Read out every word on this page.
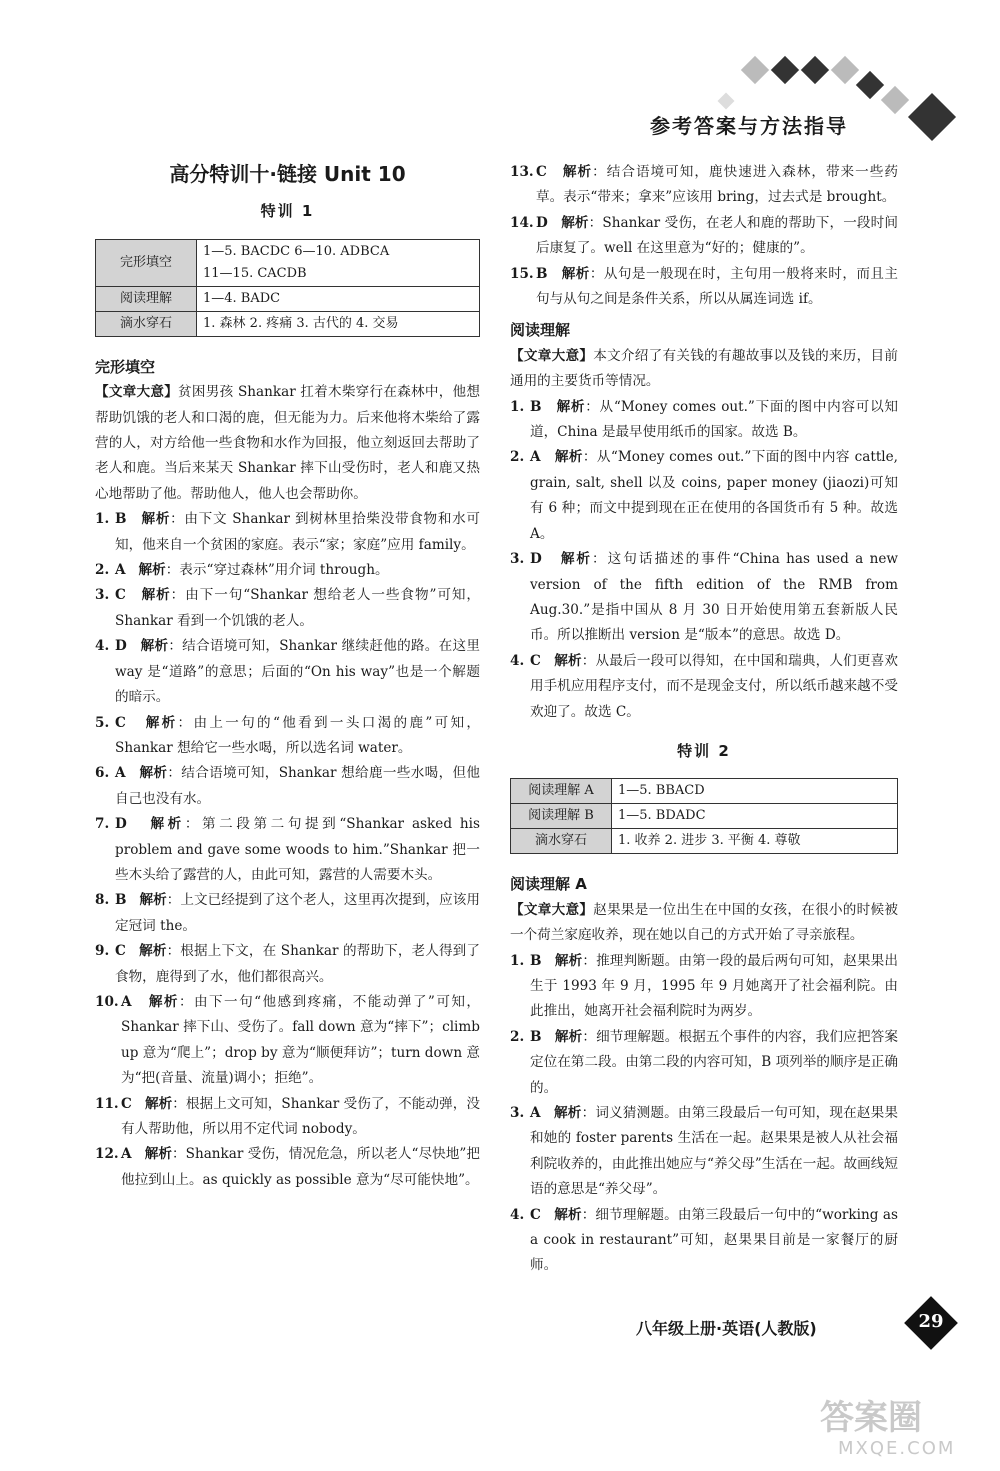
参考答案与方法指导
高分特训十·链接 Unit 10
特训 1
完形填空	1—5. BACDC 6—10. ADBCA
11—15. CACDB

阅读理解	1—4. BADC
滴水穿石	1. 森林 2. 疼痛 3. 古代的 4. 交易
完形填空

【文章大意】贫困男孩 Shankar 扛着木柴穿行在森林中，他想帮助饥饿的老人和口渴的鹿，但无能为力。后来他将木柴给了露营的人，对方给他一些食物和水作为回报，他立刻返回去帮助了老人和鹿。当后来某天 Shankar 摔下山受伤时，老人和鹿又热心地帮助了他。帮助他人，他人也会帮助你。

1. B 解析：由下文 Shankar 到树林里拾柴没带食物和水可知，他来自一个贫困的家庭。表示“家；家庭”应用 family。

2. A 解析：表示“穿过森林”用介词 through。

3. C 解析：由下一句“Shankar 想给老人一些食物”可知，Shankar 看到一个饥饿的老人。

4. D 解析：结合语境可知，Shankar 继续赶他的路。在这里 way 是“道路”的意思；后面的“On his way”也是一个解题的暗示。

5. C 解析：由上一句的“他看到一头口渴的鹿”可知，Shankar 想给它一些水喝，所以选名词 water。

6. A 解析：结合语境可知，Shankar 想给鹿一些水喝，但他自己也没有水。

7. D 解析：第二段第二句提到“Shankar asked his problem and gave some woods to him.”Shankar 把一些木头给了露营的人，由此可知，露营的人需要木头。

8. B 解析：上文已经提到了这个老人，这里再次提到，应该用定冠词 the。

9. C 解析：根据上下文，在 Shankar 的帮助下，老人得到了食物，鹿得到了水，他们都很高兴。

10. A 解析：由下一句“他感到疼痛，不能动弹了”可知，Shankar 摔下山、受伤了。fall down 意为“摔下”；climb up 意为“爬上”；drop by 意为“顺便拜访”；turn down 意为“把(音量、流量)调小；拒绝”。

11. C 解析：根据上文可知，Shankar 受伤了，不能动弹，没有人帮助他，所以用不定代词 nobody。

12. A 解析：Shankar 受伤，情况危急，所以老人“尽快地”把他拉到山上。as quickly as possible 意为“尽可能快地”。

13. C 解析：结合语境可知，鹿快速进入森林，带来一些药草。表示“带来；拿来”应该用 bring，过去式是 brought。

14. D 解析：Shankar 受伤，在老人和鹿的帮助下，一段时间后康复了。well 在这里意为“好的；健康的”。

15. B 解析：从句是一般现在时，主句用一般将来时，而且主句与从句之间是条件关系，所以从属连词选 if。

阅读理解

【文章大意】本文介绍了有关钱的有趣故事以及钱的来历，目前通用的主要货币等情况。

1. B 解析：从“Money comes out.”下面的图中内容可以知道，China 是最早使用纸币的国家。故选 B。

2. A 解析：从“Money comes out.”下面的图中内容 cattle, grain, salt, shell 以及 coins, paper money (jiaozi)可知有 6 种；而文中提到现在正在使用的各国货币有 5 种。故选 A。

3. D 解析：这句话描述的事件“China has used a new version of the fifth edition of the RMB from Aug.30.”是指中国从 8 月 30 日开始使用第五套新版人民币。所以推断出 version 是“版本”的意思。故选 D。

4. C 解析：从最后一段可以得知，在中国和瑞典，人们更喜欢用手机应用程序支付，而不是现金支付，所以纸币越来越不受欢迎了。故选 C。

特训 2
阅读理解 A	1—5. BBACD
阅读理解 B	1—5. BDADC
滴水穿石	1. 收养 2. 进步 3. 平衡 4. 尊敬
阅读理解 A

【文章大意】赵果果是一位出生在中国的女孩，在很小的时候被一个荷兰家庭收养，现在她以自己的方式开始了寻亲旅程。

1. B 解析：推理判断题。由第一段的最后两句可知，赵果果出生于 1993 年 9 月，1995 年 9 月她离开了社会福利院。由此推出，她离开社会福利院时为两岁。

2. B 解析：细节理解题。根据五个事件的内容，我们应把答案定位在第二段。由第二段的内容可知，B 项列举的顺序是正确的。

3. A 解析：词义猜测题。由第三段最后一句可知，现在赵果果和她的 foster parents 生活在一起。赵果果是被人从社会福利院收养的，由此推出她应与“养父母”生活在一起。故画线短语的意思是“养父母”。

4. C 解析：细节理解题。由第三段最后一句中的“working as a cook in restaurant”可知，赵果果目前是一家餐厅的厨师。

八年级上册·英语(人教版)	29
答案圈
MXQE.COM
